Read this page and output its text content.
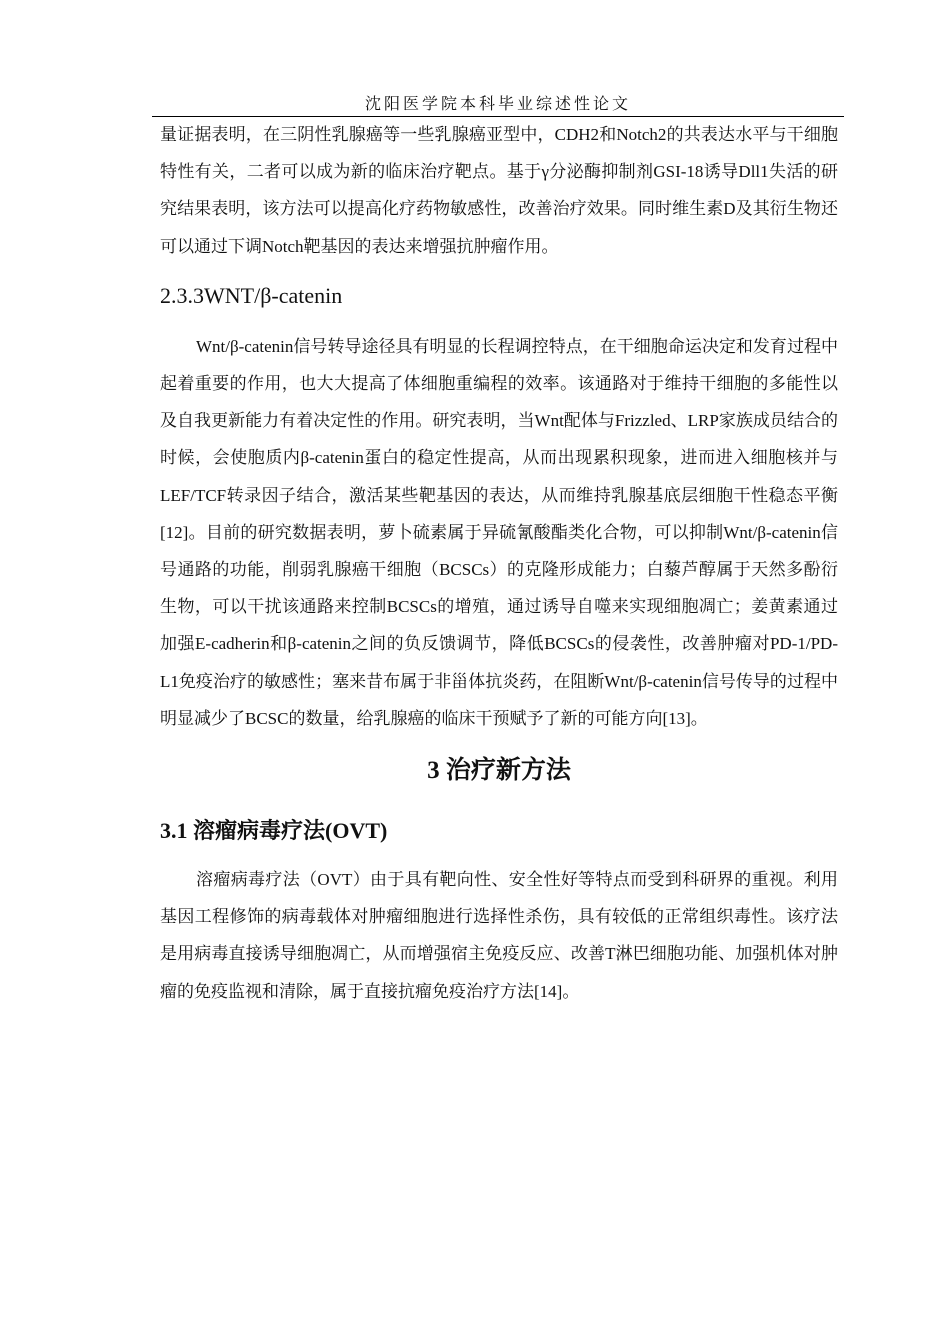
沈阳医学院本科毕业综述性论文

量证据表明，在三阴性乳腺癌等一些乳腺癌亚型中，CDH2和Notch2的共表达水平与干细胞特性有关，二者可以成为新的临床治疗靶点。基于γ分泌酶抑制剂GSI-18诱导Dll1失活的研究结果表明，该方法可以提高化疗药物敏感性，改善治疗效果。同时维生素D及其衍生物还可以通过下调Notch靶基因的表达来增强抗肿瘤作用。

2.3.3WNT/β-catenin

Wnt/β-catenin信号转导途径具有明显的长程调控特点，在干细胞命运决定和发育过程中起着重要的作用，也大大提高了体细胞重编程的效率。该通路对于维持干细胞的多能性以及自我更新能力有着决定性的作用。研究表明，当Wnt配体与Frizzled、LRP家族成员结合的时候，会使胞质内β-catenin蛋白的稳定性提高，从而出现累积现象，进而进入细胞核并与LEF/TCF转录因子结合，激活某些靶基因的表达，从而维持乳腺基底层细胞干性稳态平衡[12]。目前的研究数据表明，萝卜硫素属于异硫氰酸酯类化合物，可以抑制Wnt/β-catenin信号通路的功能，削弱乳腺癌干细胞（BCSCs）的克隆形成能力；白藜芦醇属于天然多酚衍生物，可以干扰该通路来控制BCSCs的增殖，通过诱导自噬来实现细胞凋亡；姜黄素通过加强E-cadherin和β-catenin之间的负反馈调节，降低BCSCs的侵袭性，改善肿瘤对PD-1/PD-L1免疫治疗的敏感性；塞来昔布属于非甾体抗炎药，在阻断Wnt/β-catenin信号传导的过程中明显减少了BCSC的数量，给乳腺癌的临床干预赋予了新的可能方向[13]。

3 治疗新方法
3.1 溶瘤病毒疗法(OVT)

溶瘤病毒疗法（OVT）由于具有靶向性、安全性好等特点而受到科研界的重视。利用基因工程修饰的病毒载体对肿瘤细胞进行选择性杀伤，具有较低的正常组织毒性。该疗法是用病毒直接诱导细胞凋亡，从而增强宿主免疫反应、改善T淋巴细胞功能、加强机体对肿瘤的免疫监视和清除，属于直接抗瘤免疫治疗方法[14]。
